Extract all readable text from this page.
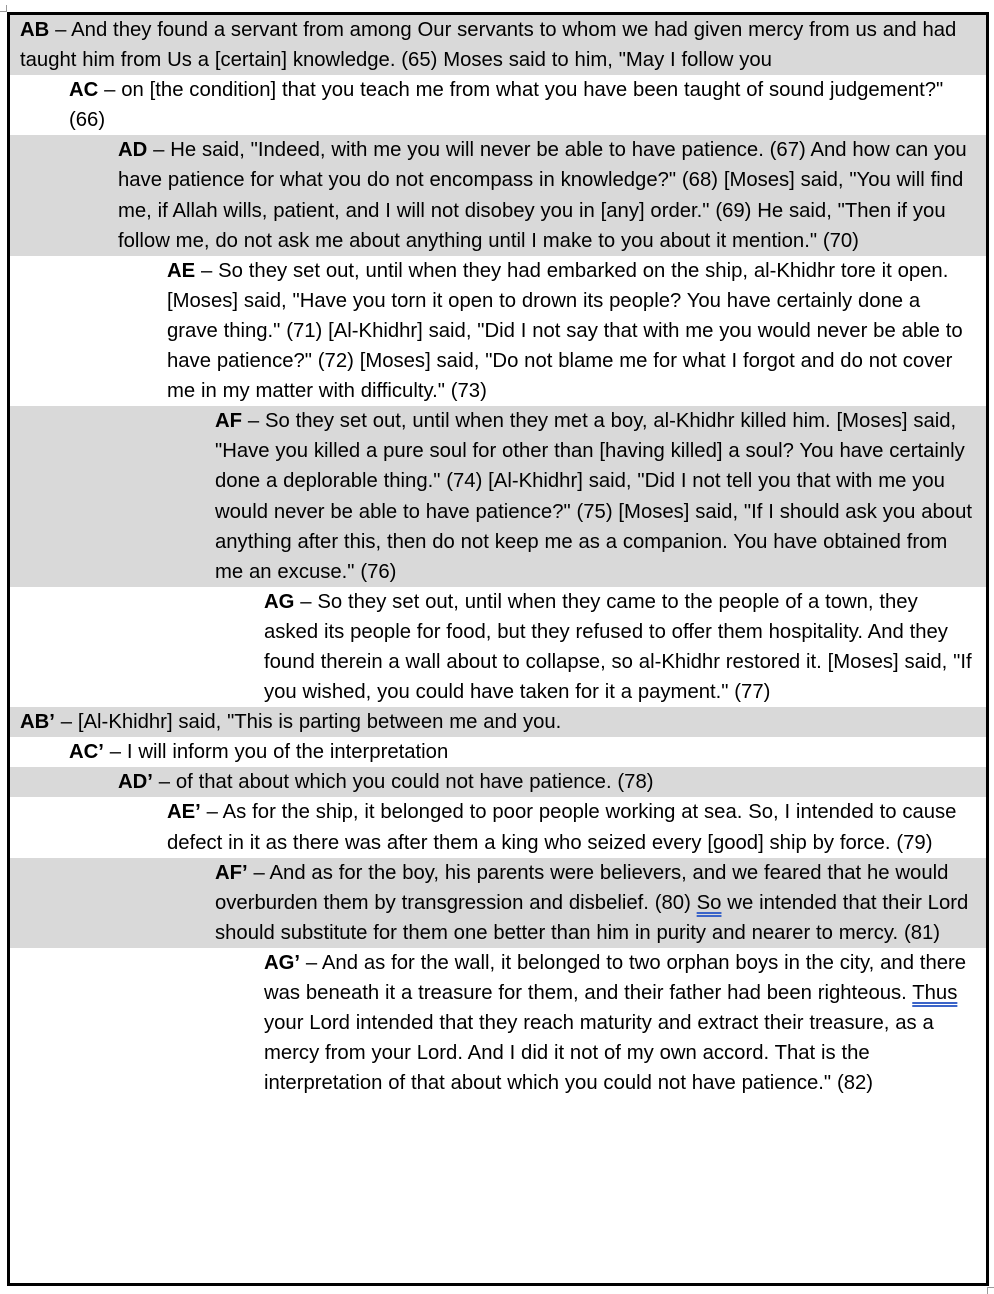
AB – And they found a servant from among Our servants to whom we had given mercy from us and had taught him from Us a [certain] knowledge. (65) Moses said to him, "May I follow you
AC – on [the condition] that you teach me from what you have been taught of sound judgement?" (66)
AD – He said, "Indeed, with me you will never be able to have patience. (67) And how can you have patience for what you do not encompass in knowledge?" (68) [Moses] said, "You will find me, if Allah wills, patient, and I will not disobey you in [any] order." (69) He said, "Then if you follow me, do not ask me about anything until I make to you about it mention." (70)
AE – So they set out, until when they had embarked on the ship, al-Khidhr tore it open. [Moses] said, "Have you torn it open to drown its people? You have certainly done a grave thing." (71) [Al-Khidhr] said, "Did I not say that with me you would never be able to have patience?" (72) [Moses] said, "Do not blame me for what I forgot and do not cover me in my matter with difficulty." (73)
AF – So they set out, until when they met a boy, al-Khidhr killed him. [Moses] said, "Have you killed a pure soul for other than [having killed] a soul? You have certainly done a deplorable thing." (74) [Al-Khidhr] said, "Did I not tell you that with me you would never be able to have patience?" (75) [Moses] said, "If I should ask you about anything after this, then do not keep me as a companion. You have obtained from me an excuse." (76)
AG – So they set out, until when they came to the people of a town, they asked its people for food, but they refused to offer them hospitality. And they found therein a wall about to collapse, so al-Khidhr restored it. [Moses] said, "If you wished, you could have taken for it a payment." (77)
AB’ – [Al-Khidhr] said, "This is parting between me and you.
AC’ – I will inform you of the interpretation
AD’ – of that about which you could not have patience. (78)
AE’ – As for the ship, it belonged to poor people working at sea. So, I intended to cause defect in it as there was after them a king who seized every [good] ship by force. (79)
AF’ – And as for the boy, his parents were believers, and we feared that he would overburden them by transgression and disbelief. (80) So we intended that their Lord should substitute for them one better than him in purity and nearer to mercy. (81)
AG’ – And as for the wall, it belonged to two orphan boys in the city, and there was beneath it a treasure for them, and their father had been righteous. Thus your Lord intended that they reach maturity and extract their treasure, as a mercy from your Lord. And I did it not of my own accord. That is the interpretation of that about which you could not have patience." (82)
